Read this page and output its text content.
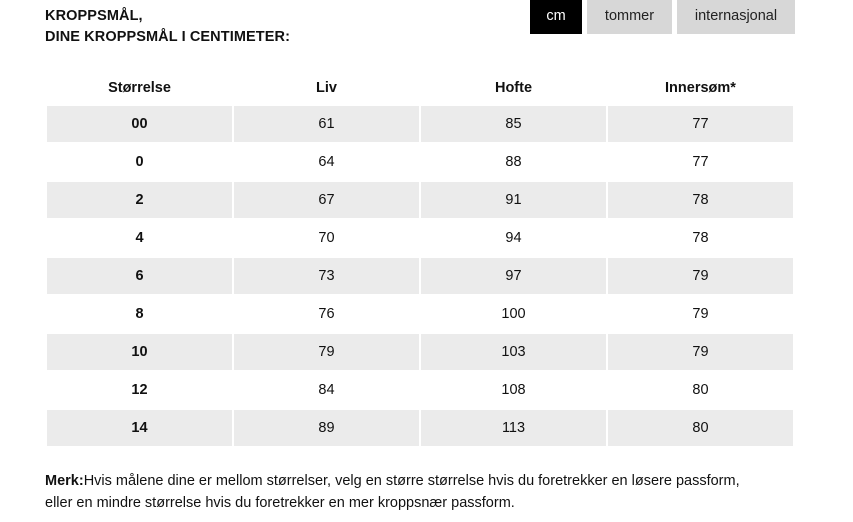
KROPPSMÅL,
DINE KROPPSMÅL I CENTIMETER:
cm	tommer	internasjonal
Størrelse	Liv	Hofte	Innersøm*
00	61	85	77
0	64	88	77
2	67	91	78
4	70	94	78
6	73	97	79
8	76	100	79
10	79	103	79
12	84	108	80
14	89	113	80
Merk:Hvis målene dine er mellom størrelser, velg en større størrelse hvis du foretrekker en løsere passform, eller en mindre størrelse hvis du foretrekker en mer kroppsnær passform.
